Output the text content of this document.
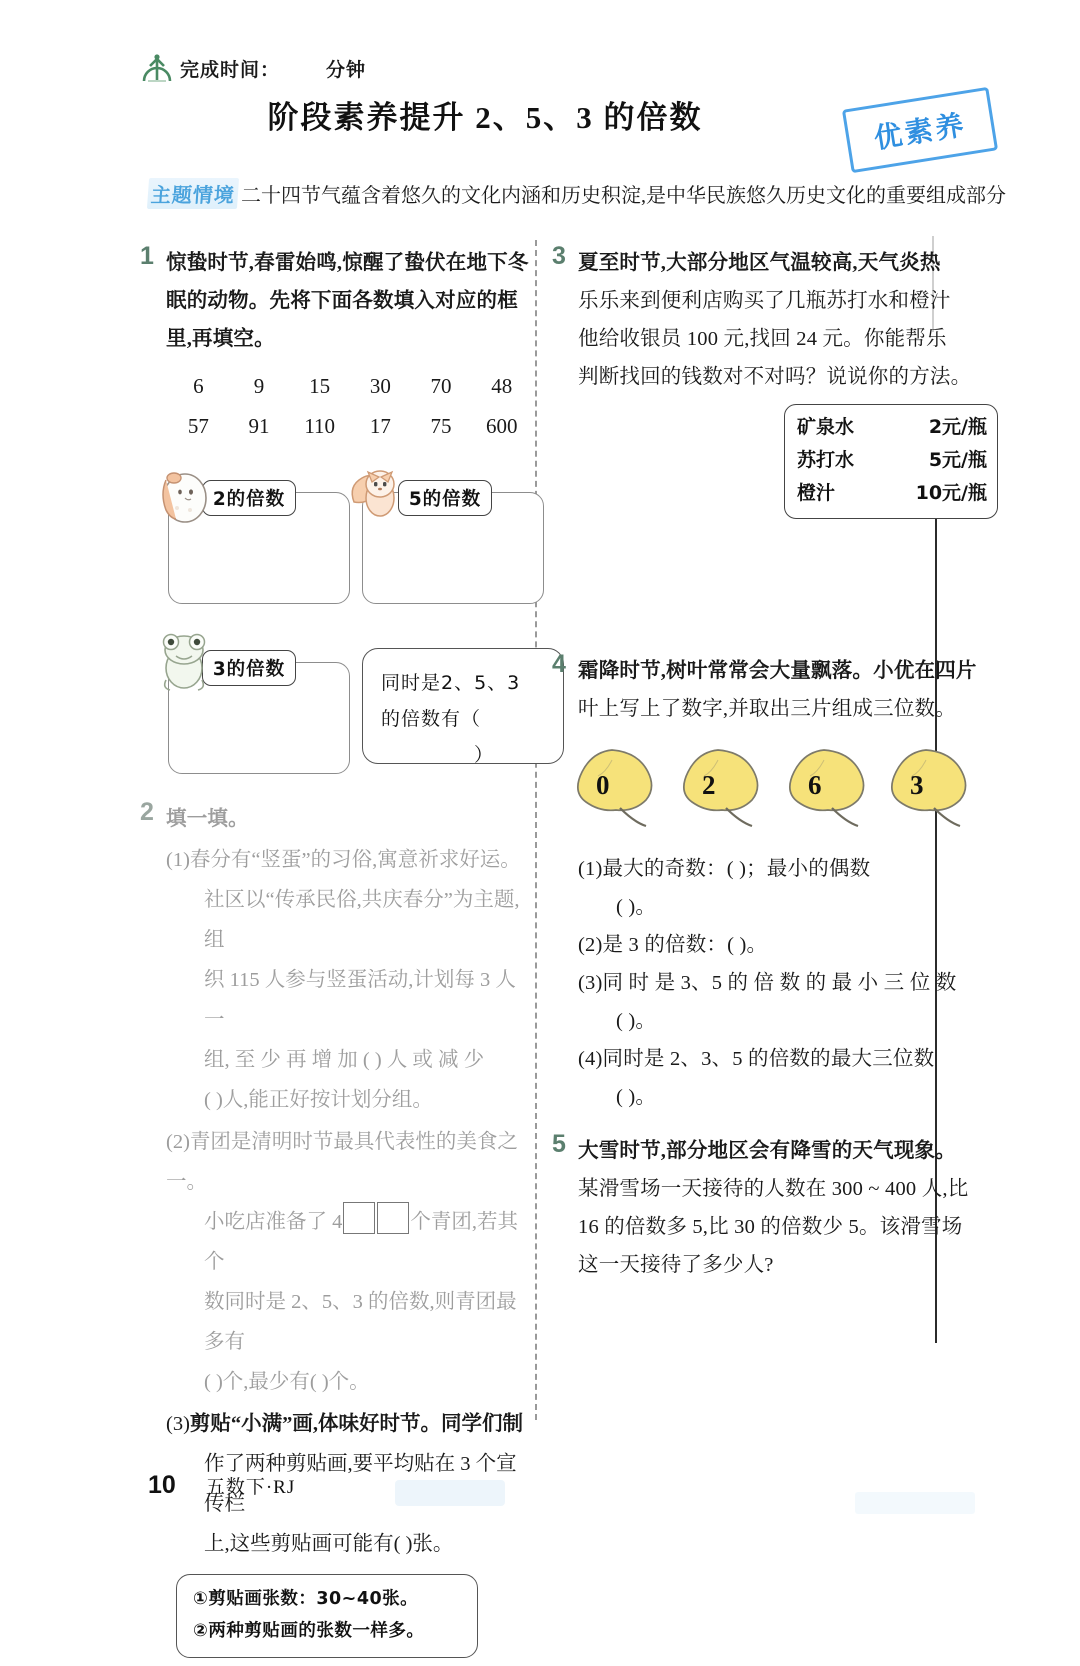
完成时间： 分钟
阶段素养提升 2、5、3 的倍数	优素养
主题情境 二十四节气蕴含着悠久的文化内涵和历史积淀,是中华民族悠久历史文化的重要组成部分
1 惊蛰时节,春雷始鸣,惊醒了蛰伏在地下冬眠的动物。先将下面各数填入对应的框里,再填空。
6	9	15	30	70	48
57	91	110	17	75	600
2的倍数	5的倍数
3的倍数
同时是2、5、3
的倍数有（
）
2 填一填。
(1)春分有“竖蛋”的习俗,寓意祈求好运。
社区以“传承民俗,共庆春分”为主题,组
织 115 人参与竖蛋活动,计划每 3 人一
组, 至 少 再 增 加 ( ) 人 或 减 少
( )人,能正好按计划分组。
(2)青团是清明时节最具代表性的美食之一。
小吃店准备了 4	个青团,若其个
数同时是 2、5、3 的倍数,则青团最多有
( )个,最少有( )个。
(3)剪贴“小满”画,体味好时节。同学们制
作了两种剪贴画,要平均贴在 3 个宣传栏
上,这些剪贴画可能有( )张。
①剪贴画张数：30~40张。
②两种剪贴画的张数一样多。
3 夏至时节,大部分地区气温较高,天气炎热
乐乐来到便利店购买了几瓶苏打水和橙汁
他给收银员 100 元,找回 24 元。你能帮乐
判断找回的钱数对不对吗？说说你的方法。
矿泉水	2元/瓶
苏打水	5元/瓶
橙汁	10元/瓶
4 霜降时节,树叶常常会大量飘落。小优在四片
叶上写上了数字,并取出三片组成三位数。
0	2	6	3
(1)最大的奇数：( )；最小的偶数
( )。
(2)是 3 的倍数：( )。
(3)同 时 是 3、5 的 倍 数 的 最 小 三 位 数
( )。
(4)同时是 2、3、5 的倍数的最大三位数
( )。
5 大雪时节,部分地区会有降雪的天气现象。
某滑雪场一天接待的人数在 300 ~ 400 人,比
16 的倍数多 5,比 30 的倍数少 5。该滑雪场
这一天接待了多少人?
10 五数下·RJ
